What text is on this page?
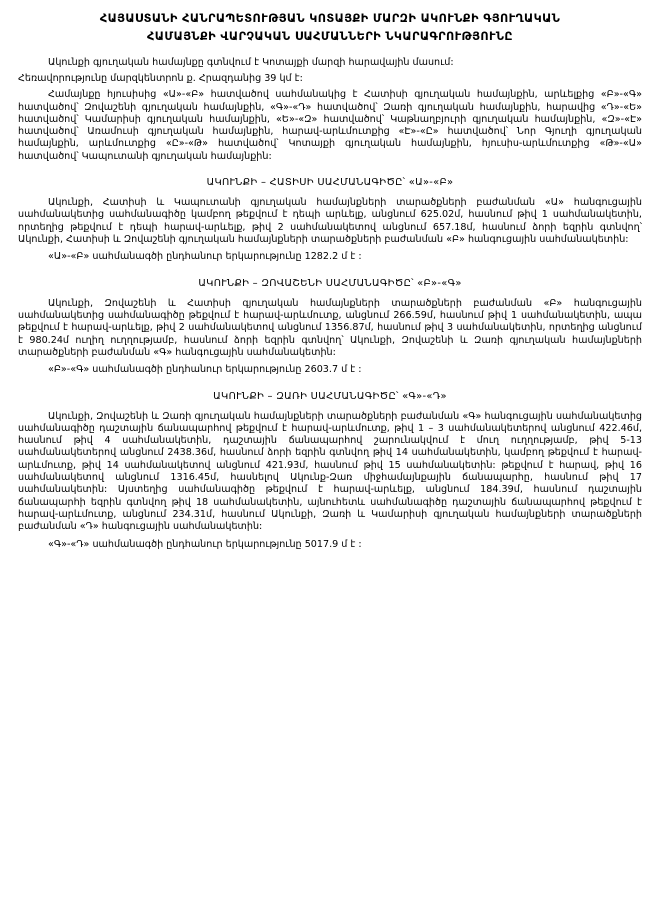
ՀԱՅԱՍՏԱՆԻ ՀԱՆՐԱՊԵՏՈՒԹՅԱՆ ԿՈՏԱՅՔԻ ՄԱՐԶԻ ԱԿՈՒՆՔԻ ԳՅՈՒՂԱԿԱՆ
ՀԱՄԱՅՆՔԻ ՎԱՐՉԱԿԱՆ ՍԱՀՄԱՆՆԵՐԻ ՆԿԱՐԱԳՐՈՒԹՅՈՒՆԸ

Ակունքի գյուղական համայնքը գտնվում է Կոտայքի մարզի հարավային մասում:

Հեռավորությունը մարզկենտրոն ք. Հրազդանից 39 կմ է:

Համայնքը հյուսիսից «Ա»-«Բ» հատվածով սահմանակից է Հատիսի գյուղական համայնքին, արևելքից «Բ»-«Գ» հատվածով՝ Զովաշենի գյուղական համայնքին, «Գ»-«Դ» հատվածով՝ Զառի գյուղական համայնքին, հարավից «Դ»-«Ե» հատվածով՝ Կամարիսի գյուղական համայնքին, «Ե»-«Զ» հատվածով՝ Կաթնաղբյուրի գյուղական համայնքին, «Զ»-«Է» հատվածով՝ Առամուսի գյուղական համայնքին, հարավ-արևմուտքից «Է»-«Ը» հատվածով՝ Նոր Գյուղի գյուղական համայնքին, արևմուտքից «Ը»-«Թ» հատվածով՝ Կոտայքի գյուղական համայնքին, հյուսիս-արևմուտքից «Թ»-«Ա» հատվածով՝ Կապուտանի գյուղական համայնքին:

ԱԿՈՒՆՔԻ – ՀԱՏԻՍԻ ՍԱՀՄԱՆԱԳԻԾԸ՝ «Ա»-«Բ»

Ակունքի, Հատիսի և Կապուտանի գյուղական համայնքների տարածքների բաժանման «Ա» հանգուցային սահմանակետից սահմանագիծը կամբող թեքվում է դեպի արևելք, անցնում 625.02մ, հասնում թիվ 1 սահմանակետին, որտեղից թեքվում է դեպի հարավ-արևելք, թիվ 2 սահմանակետով անցնում 657.18մ, հասնում ձորի եզրին գտնվող՝ Ակունքի, Հատիսի և Զովաշենի գյուղական համայնքների տարածքների բաժանման «Բ» հանգուցային սահմանակետին:

«Ա»-«Բ» սահմանագծի ընդհանուր երկարությունը 1282.2 մ է :

ԱԿՈՒՆՔԻ – ԶՈՎԱՇԵՆԻ ՍԱՀՄԱՆԱԳԻԾԸ՝ «Բ»-«Գ»

Ակունքի, Զովաշենի և Հատիսի գյուղական համայնքների տարածքների բաժանման «Բ» հանգուցային սահմանակետից սահմանագիծը թեքվում է հարավ-արևմուտք, անցնում 266.59մ, հասնում թիվ 1 սահմանակետին, ապա թեքվում է հարավ-արևելք, թիվ 2 սահմանակետով անցնում 1356.87մ, հասնում թիվ 3 սահմանակետին, որտեղից անցնում է 980.24մ ուղիղ ուղղությամբ, հասնում ձորի եզրին գտնվող՝ Ակունքի, Զովաշենի և Զառի գյուղական համայնքների տարածքների բաժանման «Գ» հանգուցային սահմանակետին:

«Բ»-«Գ» սահմանագծի ընդհանուր երկարությունը 2603.7 մ է :

ԱԿՈՒՆՔԻ – ԶԱՌԻ ՍԱՀՄԱՆԱԳԻԾԸ՝ «Գ»-«Դ»

Ակունքի, Զովաշենի և Զառի գյուղական համայնքների տարածքների բաժանման «Գ» հանգուցային սահմանակետից սահմանագիծը դաշտային ճանապարհով թեքվում է հարավ-արևմուտք, թիվ 1 – 3 սահմանակետերով անցնում 422.46մ, հասնում թիվ 4 սահմանակետին, դաշտային ճանապարհով շարունակվում է մուղ ուղղությամբ, թիվ 5-13 սահմանակետերով անցնում 2438.36մ, հասնում ձորի եզրին գտնվող թիվ 14 սահմանակետին, կամբող թեքվում է հարավ-արևմուտք, թիվ 14 սահմանակետով անցնում 421.93մ, հասնում թիվ 15 սահմանակետին: թեքվում է հարավ, թիվ 16 սահմանակետով անցնում 1316.45մ, հասնելով Ակունք-Զառ միջհամայնքային ճանապարհը, հասնում թիվ 17 սահմանակետին: Այստեղից սահմանագիծը թեքվում է հարավ-արևելք, անցնում 184.39մ, հասնում դաշտային ճանապարհի եզրին գտնվող թիվ 18 սահմանակետին, այնուհետև սահմանագիծը դաշտային ճանապարհով թեքվում է հարավ-արևմուտք, անցնում 234.31մ, հասնում Ակունքի, Զառի և Կամարիսի գյուղական համայնքների տարածքների բաժանման «Դ» հանգուցային սահմանակետին:

«Գ»-«Դ» սահմանագծի ընդհանուր երկարությունը 5017.9 մ է :
